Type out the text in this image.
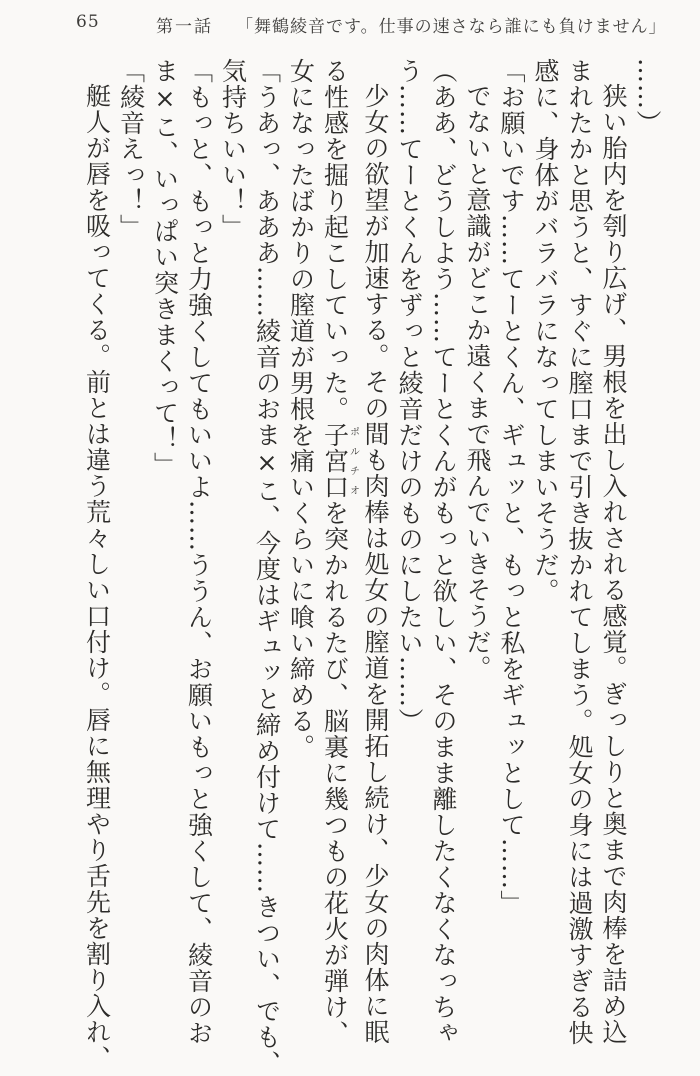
65	第一話 「舞鶴綾音です。仕事の速さなら誰にも負けません」
……）
狭い胎内を刳り広げ、男根を出し入れされる感覚。ぎっしりと奥まで肉棒を詰め込
まれたかと思うと、すぐに膣口まで引き抜かれてしまう。処女の身には過激すぎる快
感に、身体がバラバラになってしまいそうだ。
「お願いです……てーとくん、ギュッと、もっと私をギュッとして……」
でないと意識がどこか遠くまで飛んでいきそうだ。
（ああ、どうしよう……てーとくんがもっと欲しい、そのまま離したくなくなっちゃ
う……てーとくんをずっと綾音だけのものにしたい……）
少女の欲望が加速する。その間も肉棒は処女の膣道を開拓し続け、少女の肉体に眠
る性感を掘り起こしていった。子宮口ポルチオを突かれるたび、脳裏に幾つもの花火が弾け、
女になったばかりの膣道が男根を痛いくらいに喰い締める。
「うあっ、あああ……綾音のおま×こ、今度はギュッと締め付けて……きつい、でも、
気持ちいい！」
「もっと、もっと力強くしてもいいよ……ううん、お願いもっと強くして、綾音のお
ま×こ、いっぱい突きまくって！」
「綾音えっ！」
艇人が唇を吸ってくる。前とは違う荒々しい口付け。唇に無理やり舌先を割り入れ、
